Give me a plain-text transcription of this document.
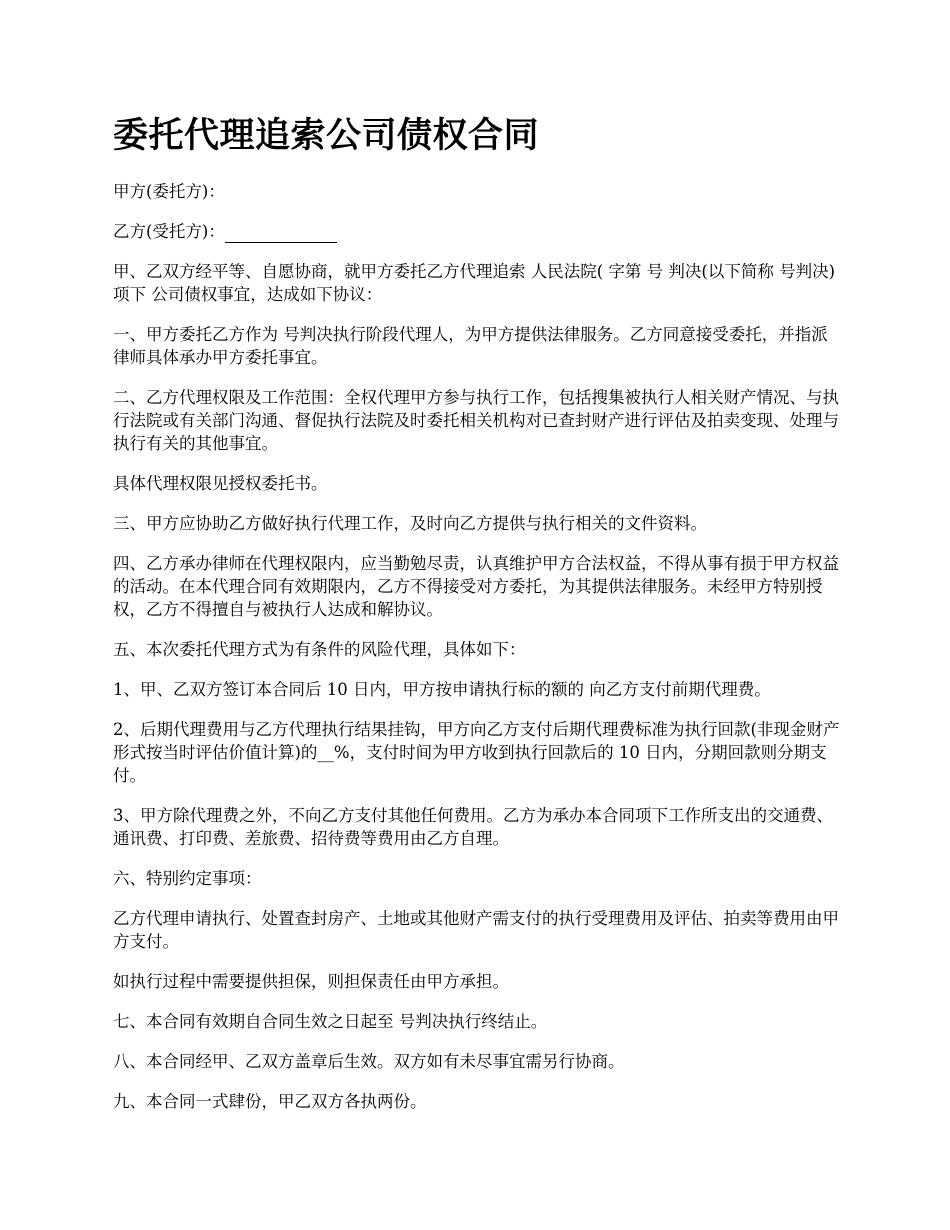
委托代理追索公司债权合同

甲方(委托方)：

乙方(受托方)：

甲、乙双方经平等、自愿协商，就甲方委托乙方代理追索 人民法院( 字第 号 判决(以下简称 号判决)项下 公司债权事宜，达成如下协议：

一、甲方委托乙方作为 号判决执行阶段代理人，为甲方提供法律服务。乙方同意接受委托，并指派 律师具体承办甲方委托事宜。

二、乙方代理权限及工作范围：全权代理甲方参与执行工作，包括搜集被执行人相关财产情况、与执行法院或有关部门沟通、督促执行法院及时委托相关机构对已查封财产进行评估及拍卖变现、处理与执行有关的其他事宜。

具体代理权限见授权委托书。

三、甲方应协助乙方做好执行代理工作，及时向乙方提供与执行相关的文件资料。

四、乙方承办律师在代理权限内，应当勤勉尽责，认真维护甲方合法权益，不得从事有损于甲方权益的活动。在本代理合同有效期限内，乙方不得接受对方委托，为其提供法律服务。未经甲方特别授权，乙方不得擅自与被执行人达成和解协议。

五、本次委托代理方式为有条件的风险代理，具体如下：

1、甲、乙双方签订本合同后 10 日内，甲方按申请执行标的额的 向乙方支付前期代理费。

2、后期代理费用与乙方代理执行结果挂钩，甲方向乙方支付后期代理费标准为执行回款(非现金财产形式按当时评估价值计算)的__%，支付时间为甲方收到执行回款后的 10 日内，分期回款则分期支付。

3、甲方除代理费之外，不向乙方支付其他任何费用。乙方为承办本合同项下工作所支出的交通费、通讯费、打印费、差旅费、招待费等费用由乙方自理。

六、特别约定事项：

乙方代理申请执行、处置查封房产、土地或其他财产需支付的执行受理费用及评估、拍卖等费用由甲方支付。

如执行过程中需要提供担保，则担保责任由甲方承担。

七、本合同有效期自合同生效之日起至 号判决执行终结止。

八、本合同经甲、乙双方盖章后生效。双方如有未尽事宜需另行协商。

九、本合同一式肆份，甲乙双方各执两份。
